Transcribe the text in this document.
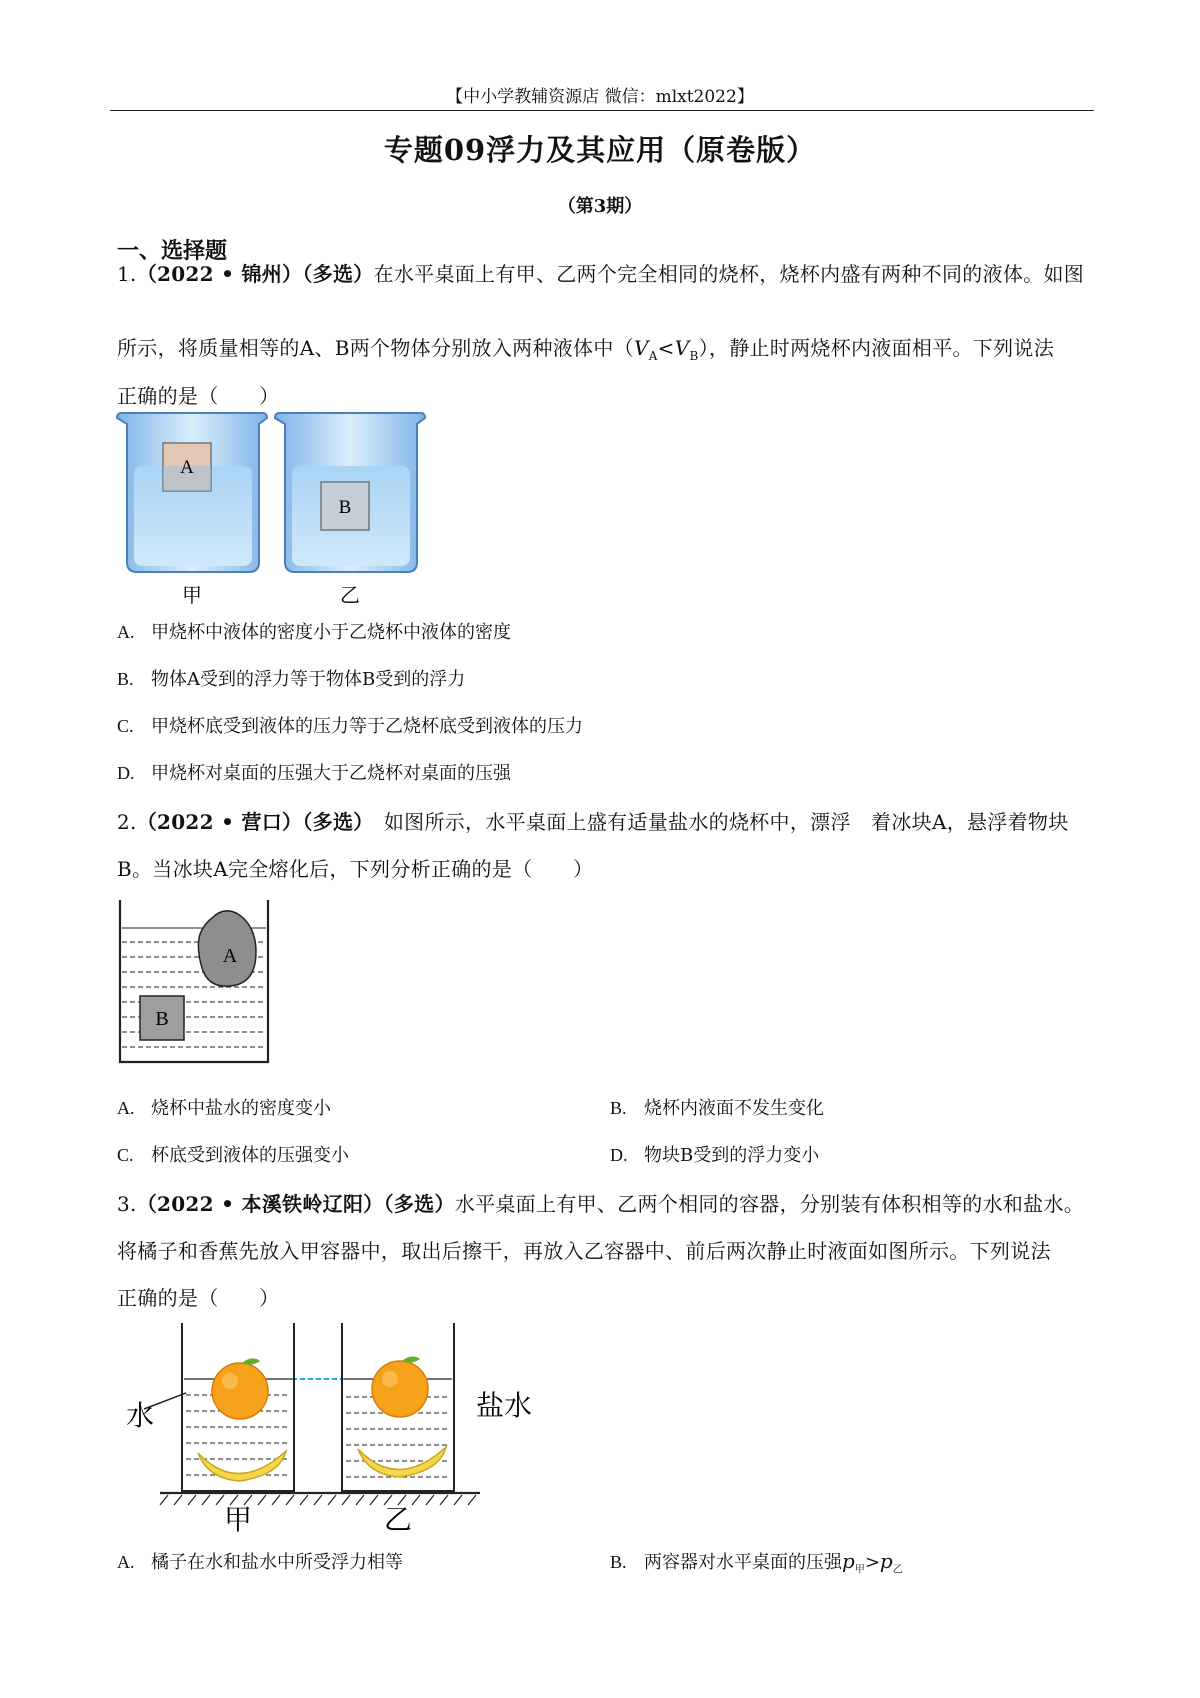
【中小学教辅资源店 微信：mlxt2022】
专题09浮力及其应用（原卷版）
（第3期）
一、选择题
1.（2022 • 锦州）（多选）在水平桌面上有甲、乙两个完全相同的烧杯，烧杯内盛有两种不同的液体。如图
所示，将质量相等的A、B两个物体分别放入两种液体中$(V_A<V_B)$，静止时两烧杯内液面相平。下列说法
正确的是（　　）
A
B
甲	乙
A. 甲烧杯中液体的密度小于乙烧杯中液体的密度
B. 物体A受到的浮力等于物体B受到的浮力
C. 甲烧杯底受到液体的压力等于乙烧杯底受到液体的压力
D. 甲烧杯对桌面的压强大于乙烧杯对桌面的压强
2.（2022 • 营口）（多选）　如图所示，水平桌面上盛有适量盐水的烧杯中，漂浮　着冰块A，悬浮着物块
B。当冰块A完全熔化后，下列分析正确的是（　　）
A
B
A. 烧杯中盐水的密度变小	B. 烧杯内液面不发生变化
C. 杯底受到液体的压强变小	D. 物块B受到的浮力变小
3.（2022 • 本溪铁岭辽阳）（多选）水平桌面上有甲、乙两个相同的容器，分别装有体积相等的水和盐水。
将橘子和香蕉先放入甲容器中，取出后擦干，再放入乙容器中、前后两次静止时液面如图所示。下列说法
正确的是（　　）
水	盐水
甲	乙
A. 橘子在水和盐水中所受浮力相等	B. 两容器对水平桌面的压强$p_甲>p_乙$
